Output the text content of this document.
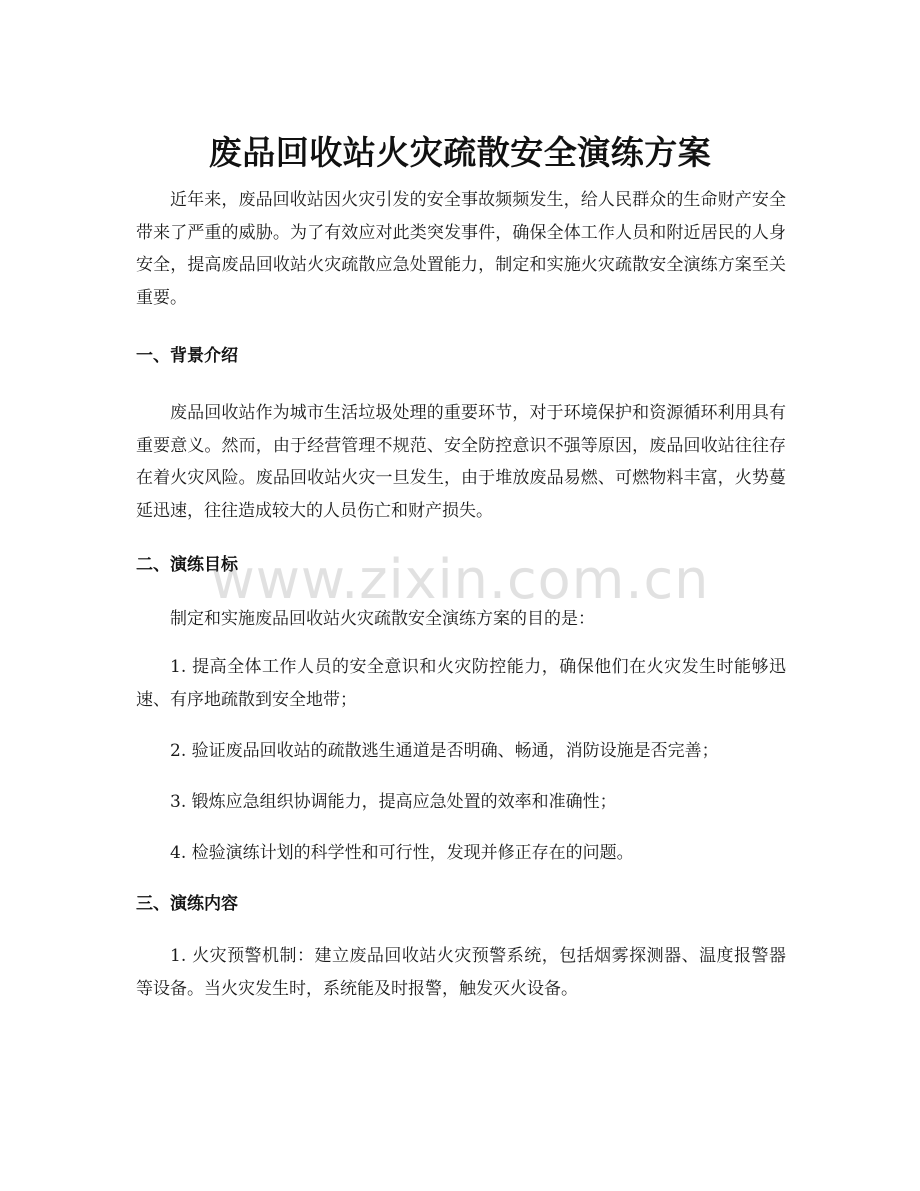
废品回收站火灾疏散安全演练方案

近年来，废品回收站因火灾引发的安全事故频频发生，给人民群众的生命财产安全带来了严重的威胁。为了有效应对此类突发事件，确保全体工作人员和附近居民的人身安全，提高废品回收站火灾疏散应急处置能力，制定和实施火灾疏散安全演练方案至关重要。

一、背景介绍

废品回收站作为城市生活垃圾处理的重要环节，对于环境保护和资源循环利用具有重要意义。然而，由于经营管理不规范、安全防控意识不强等原因，废品回收站往往存在着火灾风险。废品回收站火灾一旦发生，由于堆放废品易燃、可燃物料丰富，火势蔓延迅速，往往造成较大的人员伤亡和财产损失。

二、演练目标

制定和实施废品回收站火灾疏散安全演练方案的目的是：

1. 提高全体工作人员的安全意识和火灾防控能力，确保他们在火灾发生时能够迅速、有序地疏散到安全地带；

2. 验证废品回收站的疏散逃生通道是否明确、畅通，消防设施是否完善；

3. 锻炼应急组织协调能力，提高应急处置的效率和准确性；

4. 检验演练计划的科学性和可行性，发现并修正存在的问题。

三、演练内容

1. 火灾预警机制：建立废品回收站火灾预警系统，包括烟雾探测器、温度报警器等设备。当火灾发生时，系统能及时报警，触发灭火设备。

www.zixin.com.cn
